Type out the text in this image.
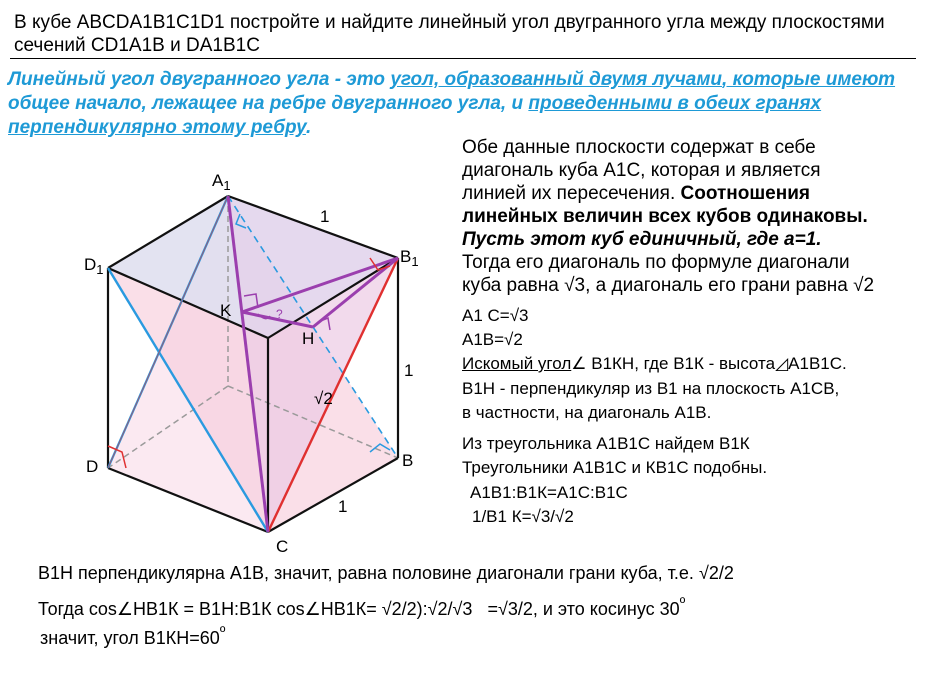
В кубе ABCDA1B1C1D1 постройте и найдите линейный угол двугранного угла между плоскостями
сечений CD1A1B и DA1B1C
Линейный угол двугранного угла - это угол, образованный двумя лучами, которые имеют
общее начало, лежащее на ребре двугранного угла, и проведенными в обеих гранях
перпендикулярно этому ребру.
$A_1$
$B_1$
$D_1$
D	B
C
K
H
1
1
1
√2
?
Обе данные плоскости содержат в себе
диагональ куба А1С, которая и является
линией их пересечения. Соотношения
линейных величин всех кубов одинаковы.
Пусть этот куб единичный, где а=1.
Тогда его диагональ по формуле диагонали
куба равна √3, а диагональ его грани равна √2
А1 С=√3
А1В=√2
Искомый угол∠ В1КН, где В1К - высота◿А1В1С.
В1Н - перпендикуляр из В1 на плоскость А1СВ,
в частности, на диагональ А1В.
Из треугольника А1В1С найдем В1К
Треугольники А1В1С и КВ1С подобны.
А1В1:В1К=А1С:В1С
1/В1 К=√3/√2
В1Н перпендикулярна А1В, значит, равна половине диагонали грани куба, т.е. √2/2
Тогда cos∠НВ1К = В1Н:В1К cos∠НВ1К= √2/2):√2/√3 =√3/2, и это косинус $30^º$
значит, угол $В1КН=60^º$
